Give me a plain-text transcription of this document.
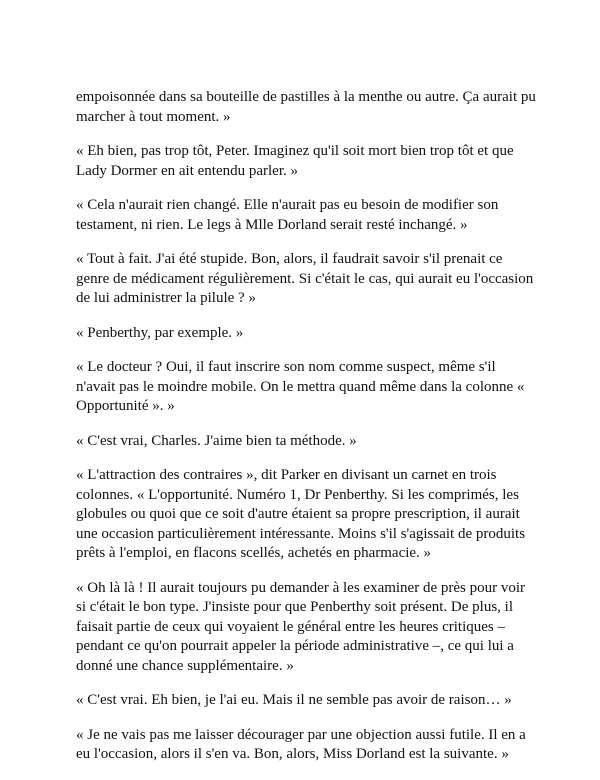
empoisonnée dans sa bouteille de pastilles à la menthe ou autre. Ça aurait pu marcher à tout moment. »

« Eh bien, pas trop tôt, Peter. Imaginez qu'il soit mort bien trop tôt et que Lady Dormer en ait entendu parler. »

« Cela n'aurait rien changé. Elle n'aurait pas eu besoin de modifier son testament, ni rien. Le legs à Mlle Dorland serait resté inchangé. »

« Tout à fait. J'ai été stupide. Bon, alors, il faudrait savoir s'il prenait ce genre de médicament régulièrement. Si c'était le cas, qui aurait eu l'occasion de lui administrer la pilule ? »

« Penberthy, par exemple. »

« Le docteur ? Oui, il faut inscrire son nom comme suspect, même s'il n'avait pas le moindre mobile. On le mettra quand même dans la colonne « Opportunité ». »

« C'est vrai, Charles. J'aime bien ta méthode. »

« L'attraction des contraires », dit Parker en divisant un carnet en trois colonnes. « L'opportunité. Numéro 1, Dr Penberthy. Si les comprimés, les globules ou quoi que ce soit d'autre étaient sa propre prescription, il aurait une occasion particulièrement intéressante. Moins s'il s'agissait de produits prêts à l'emploi, en flacons scellés, achetés en pharmacie. »

« Oh là là ! Il aurait toujours pu demander à les examiner de près pour voir si c'était le bon type. J'insiste pour que Penberthy soit présent. De plus, il faisait partie de ceux qui voyaient le général entre les heures critiques – pendant ce qu'on pourrait appeler la période administrative –, ce qui lui a donné une chance supplémentaire. »

« C'est vrai. Eh bien, je l'ai eu. Mais il ne semble pas avoir de raison… »

« Je ne vais pas me laisser décourager par une objection aussi futile. Il en a eu l'occasion, alors il s'en va. Bon, alors, Miss Dorland est la suivante. »
